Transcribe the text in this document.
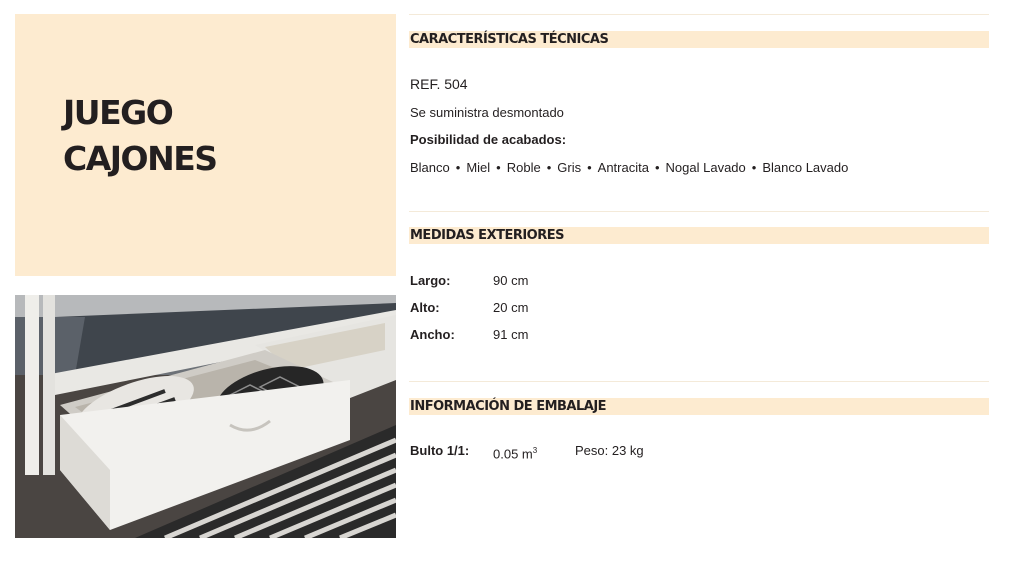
JUEGO
CAJONES
CARACTERÍSTICAS TÉCNICAS
REF. 504
Se suministra desmontado
Posibilidad de acabados:
Blanco • Miel • Roble • Gris • Antracita • Nogal Lavado • Blanco Lavado
MEDIDAS EXTERIORES
Largo:	90 cm
Alto:	20 cm
Ancho:	91 cm
INFORMACIÓN DE EMBALAJE
Bulto 1/1: 0.05 $m^3$	Peso: 23 kg
